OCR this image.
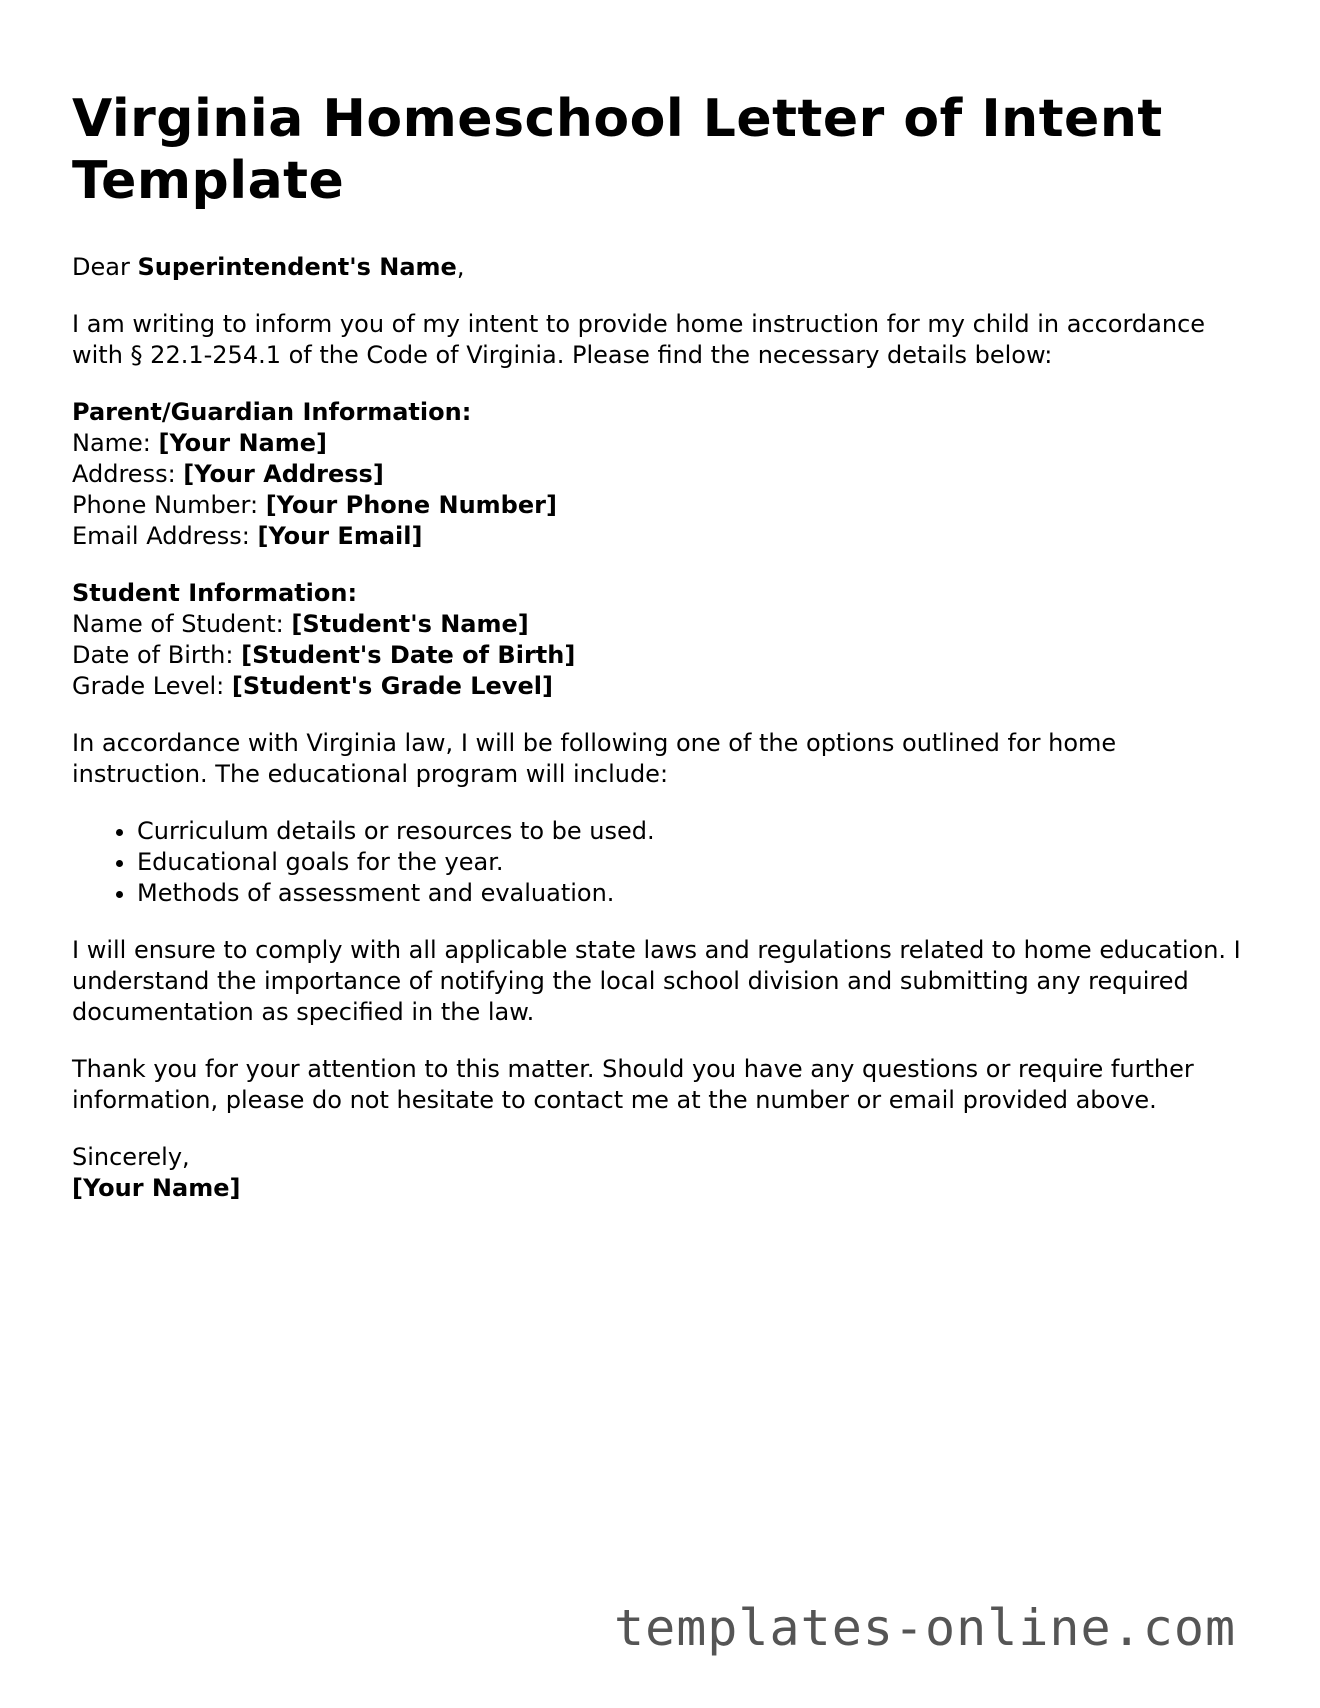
Virginia Homeschool Letter of Intent Template

Dear Superintendent's Name,

I am writing to inform you of my intent to provide home instruction for my child in accordance with § 22.1-254.1 of the Code of Virginia. Please find the necessary details below:

Parent/Guardian Information:
Name: [Your Name]
Address: [Your Address]
Phone Number: [Your Phone Number]
Email Address: [Your Email]

Student Information:
Name of Student: [Student's Name]
Date of Birth: [Student's Date of Birth]
Grade Level: [Student's Grade Level]

In accordance with Virginia law, I will be following one of the options outlined for home instruction. The educational program will include:

• Curriculum details or resources to be used.
• Educational goals for the year.
• Methods of assessment and evaluation.

I will ensure to comply with all applicable state laws and regulations related to home education. I understand the importance of notifying the local school division and submitting any required documentation as specified in the law.

Thank you for your attention to this matter. Should you have any questions or require further information, please do not hesitate to contact me at the number or email provided above.

Sincerely,
[Your Name]

templates-online.com
